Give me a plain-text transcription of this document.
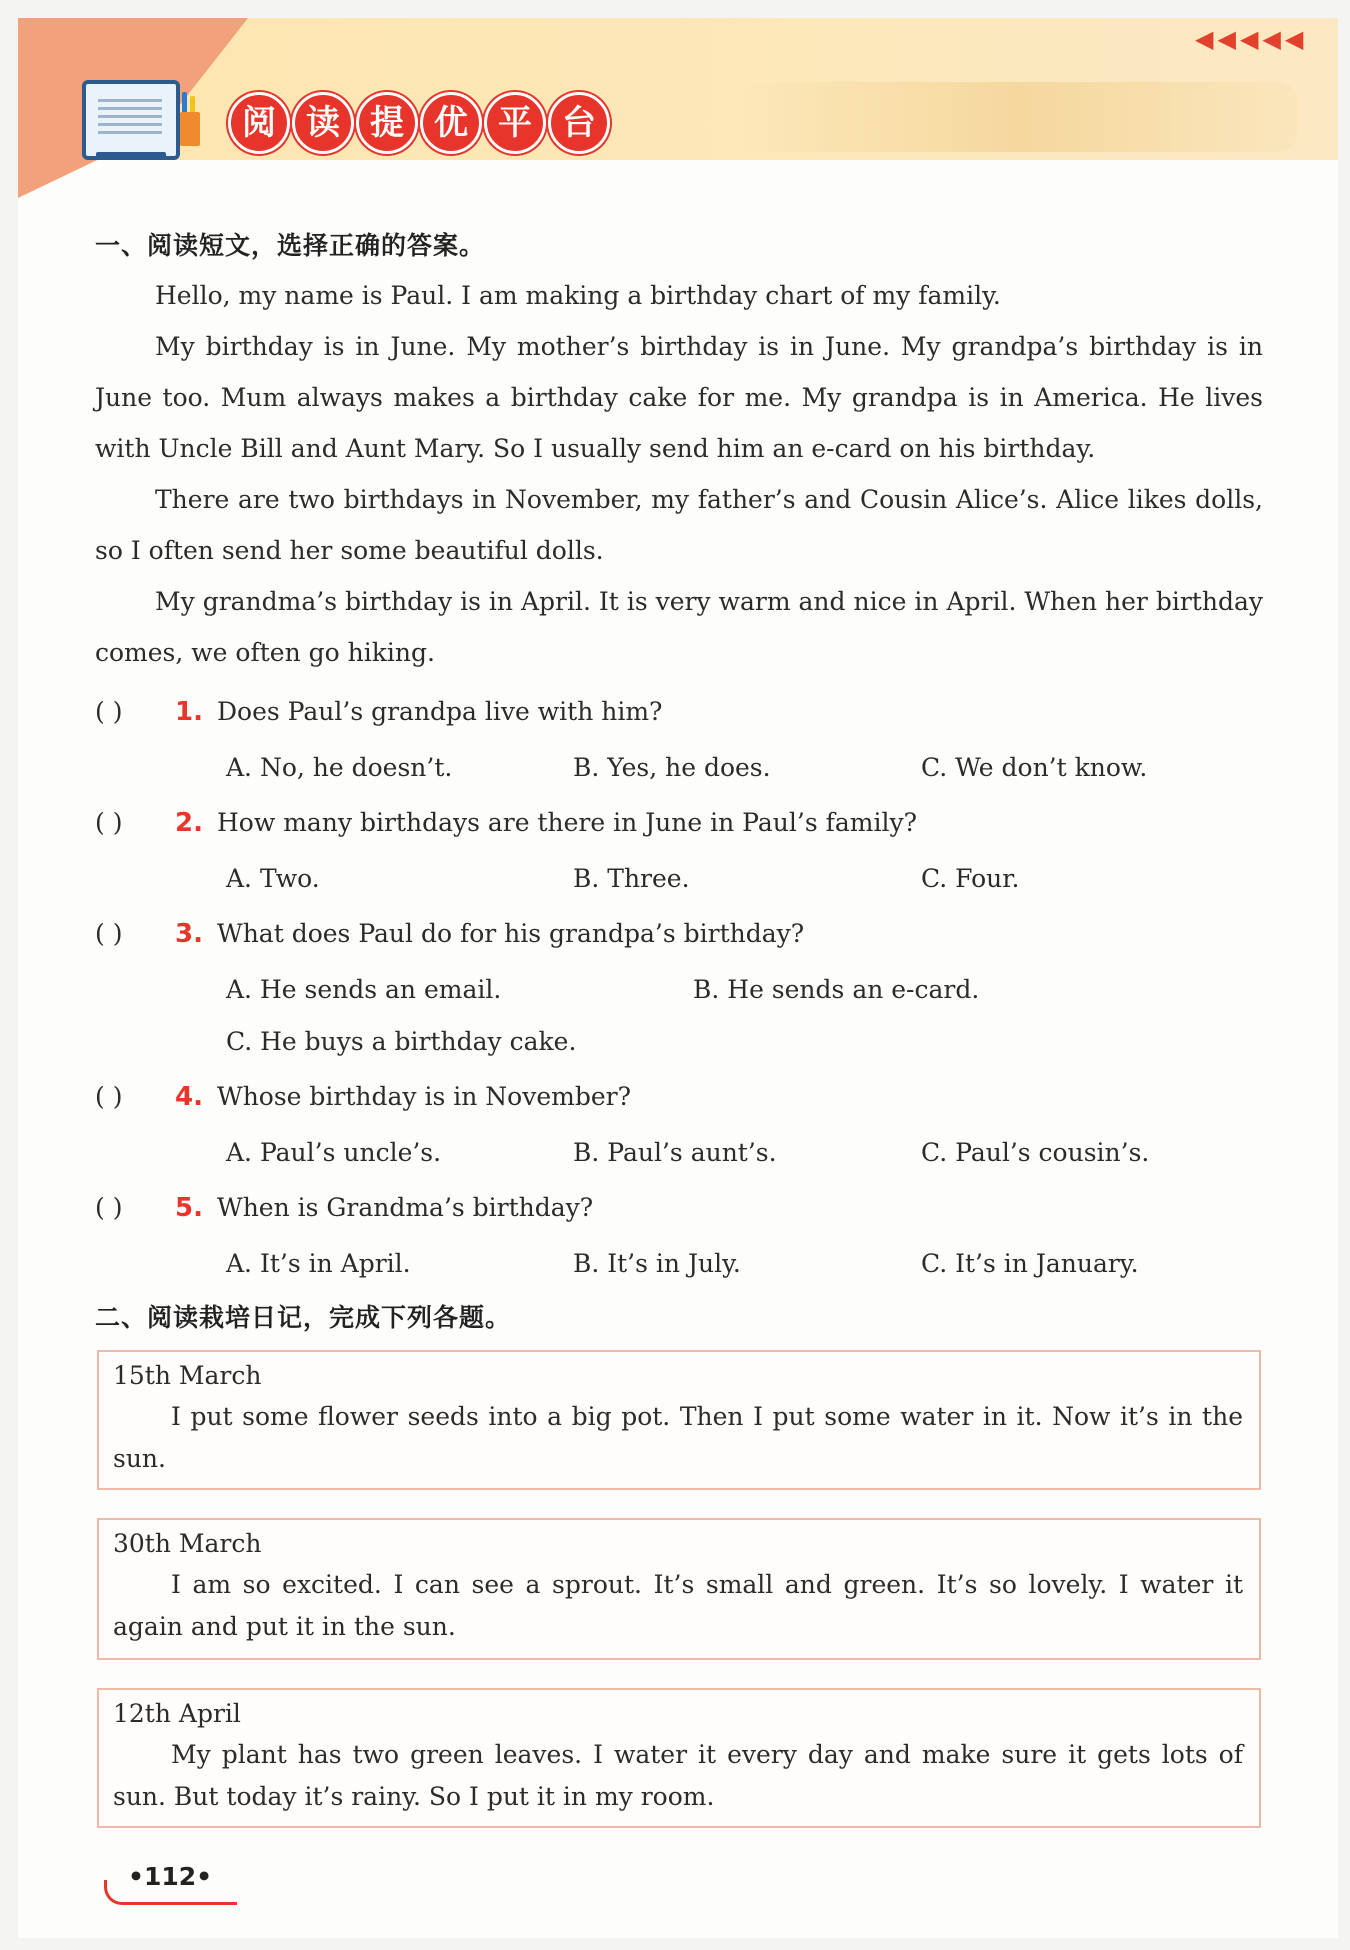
◀ ◀ ◀ ◀ ◀
阅 读 提 优 平 台
一、阅读短文，选择正确的答案。

Hello, my name is Paul. I am making a birthday chart of my family.

My birthday is in June. My mother’s birthday is in June. My grandpa’s birthday is in June too. Mum always makes a birthday cake for me. My grandpa is in America. He lives with Uncle Bill and Aunt Mary. So I usually send him an e-card on his birthday.

There are two birthdays in November, my father’s and Cousin Alice’s. Alice likes dolls, so I often send her some beautiful dolls.

My grandma’s birthday is in April. It is very warm and nice in April. When her birthday comes, we often go hiking.

( ) 1. Does Paul’s grandpa live with him?
A. No, he doesn’t.	B. Yes, he does.	C. We don’t know.
( ) 2. How many birthdays are there in June in Paul’s family?
A. Two.	B. Three.	C. Four.
( ) 3. What does Paul do for his grandpa’s birthday?
A. He sends an email.	B. He sends an e-card.
C. He buys a birthday cake.
( ) 4. Whose birthday is in November?
A. Paul’s uncle’s.	B. Paul’s aunt’s.	C. Paul’s cousin’s.
( ) 5. When is Grandma’s birthday?
A. It’s in April.	B. It’s in July.	C. It’s in January.
二、阅读栽培日记，完成下列各题。
15th March

I put some flower seeds into a big pot. Then I put some water in it. Now it’s in the sun.

30th March

I am so excited. I can see a sprout. It’s small and green. It’s so lovely. I water it again and put it in the sun.

12th April

My plant has two green leaves. I water it every day and make sure it gets lots of sun. But today it’s rainy. So I put it in my room.

•112•
